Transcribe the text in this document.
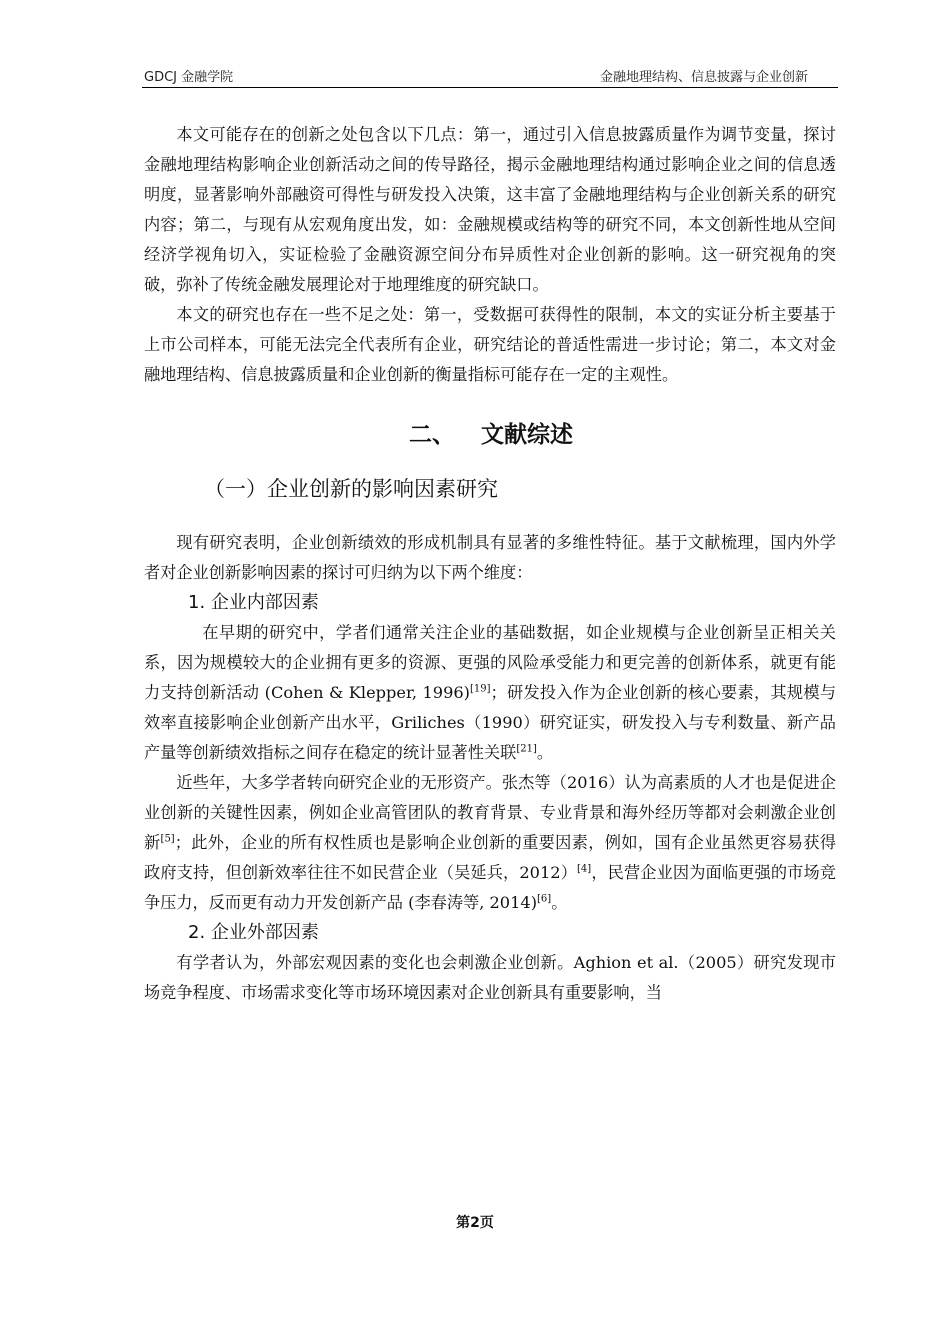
GDCJ 金融学院	金融地理结构、信息披露与企业创新

本文可能存在的创新之处包含以下几点：第一，通过引入信息披露质量作为调节变量，探讨金融地理结构影响企业创新活动之间的传导路径，揭示金融地理结构通过影响企业之间的信息透明度，显著影响外部融资可得性与研发投入决策，这丰富了金融地理结构与企业创新关系的研究内容；第二，与现有从宏观角度出发，如：金融规模或结构等的研究不同，本文创新性地从空间经济学视角切入，实证检验了金融资源空间分布异质性对企业创新的影响。这一研究视角的突破，弥补了传统金融发展理论对于地理维度的研究缺口。

本文的研究也存在一些不足之处：第一，受数据可获得性的限制，本文的实证分析主要基于上市公司样本，可能无法完全代表所有企业，研究结论的普适性需进一步讨论；第二，本文对金融地理结构、信息披露质量和企业创新的衡量指标可能存在一定的主观性。

二、 文献综述
（一）企业创新的影响因素研究

现有研究表明，企业创新绩效的形成机制具有显著的多维性特征。基于文献梳理，国内外学者对企业创新影响因素的探讨可归纳为以下两个维度：

1. 企业内部因素

在早期的研究中，学者们通常关注企业的基础数据，如企业规模与企业创新呈正相关关系，因为规模较大的企业拥有更多的资源、更强的风险承受能力和更完善的创新体系，就更有能力支持创新活动 (Cohen & Klepper, 1996)[19]；研发投入作为企业创新的核心要素，其规模与效率直接影响企业创新产出水平，Griliches（1990）研究证实，研发投入与专利数量、新产品产量等创新绩效指标之间存在稳定的统计显著性关联[21]。

近些年，大多学者转向研究企业的无形资产。张杰等（2016）认为高素质的人才也是促进企业创新的关键性因素，例如企业高管团队的教育背景、专业背景和海外经历等都对会刺激企业创新[5]；此外，企业的所有权性质也是影响企业创新的重要因素，例如，国有企业虽然更容易获得政府支持，但创新效率往往不如民营企业（吴延兵，2012）[4]，民营企业因为面临更强的市场竞争压力，反而更有动力开发创新产品 (李春涛等, 2014)[6]。

2. 企业外部因素

有学者认为，外部宏观因素的变化也会刺激企业创新。Aghion et al.（2005）研究发现市场竞争程度、市场需求变化等市场环境因素对企业创新具有重要影响，当

第2页
